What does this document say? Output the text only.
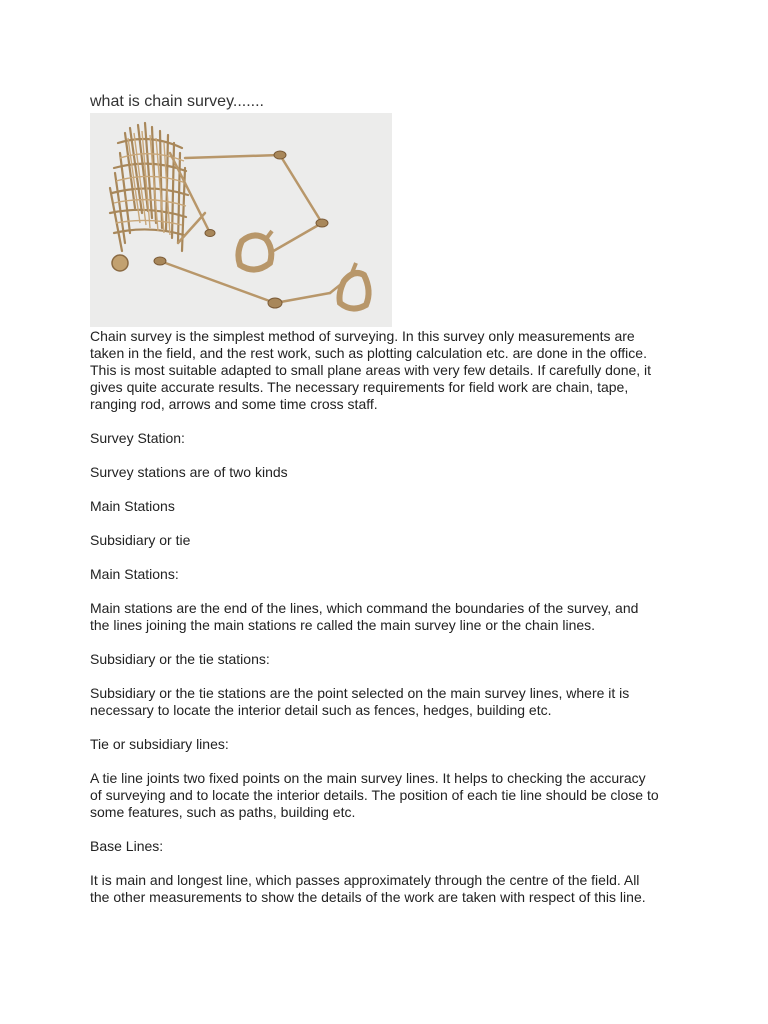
what is chain survey.......

Chain survey is the simplest method of surveying. In this survey only measurements are
taken in the field, and the rest work, such as plotting calculation etc. are done in the office.
This is most suitable adapted to small plane areas with very few details. If carefully done, it
gives quite accurate results. The necessary requirements for field work are chain, tape,
ranging rod, arrows and some time cross staff.

Survey Station:

Survey stations are of two kinds

Main Stations

Subsidiary or tie

Main Stations:

Main stations are the end of the lines, which command the boundaries of the survey, and
the lines joining the main stations re called the main survey line or the chain lines.

Subsidiary or the tie stations:

Subsidiary or the tie stations are the point selected on the main survey lines, where it is
necessary to locate the interior detail such as fences, hedges, building etc.

Tie or subsidiary lines:

A tie line joints two fixed points on the main survey lines. It helps to checking the accuracy
of surveying and to locate the interior details. The position of each tie line should be close to
some features, such as paths, building etc.

Base Lines:

It is main and longest line, which passes approximately through the centre of the field. All
the other measurements to show the details of the work are taken with respect of this line.
